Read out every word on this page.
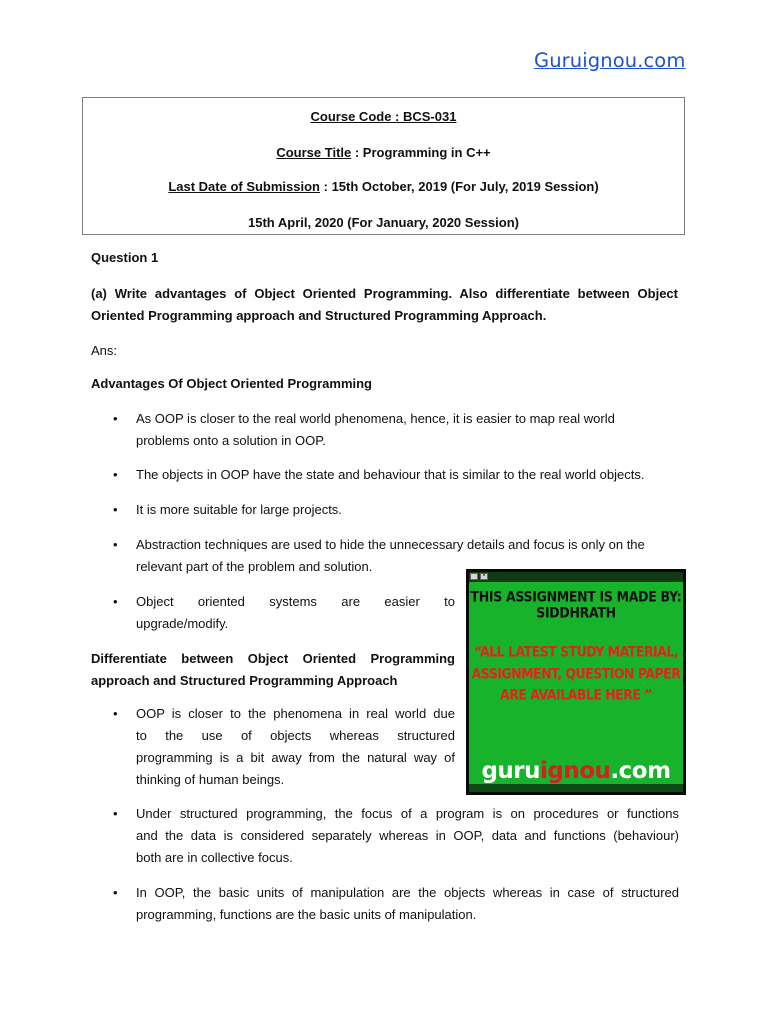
Guruignou.com
Course Code : BCS-031
Course Title : Programming in C++
Last Date of Submission : 15th October, 2019 (For July, 2019 Session)
15th April, 2020 (For January, 2020 Session)
Question 1
(a) Write advantages of Object Oriented Programming. Also differentiate between Object Oriented Programming approach and Structured Programming Approach.
Ans:
Advantages Of Object Oriented Programming
• As OOP is closer to the real world phenomena, hence, it is easier to map real world
problems onto a solution in OOP.
• The objects in OOP have the state and behaviour that is similar to the real world objects.
• It is more suitable for large projects.
• Abstraction techniques are used to hide the unnecessary details and focus is only on the
relevant part of the problem and solution.
• Object oriented systems are easier to
upgrade/modify.
Differentiate between Object Oriented Programming
approach and Structured Programming Approach
• OOP is closer to the phenomena in real world due
to the use of objects whereas structured
programming is a bit away from the natural way of
thinking of human beings.
• Under structured programming, the focus of a program is on procedures or functions
and the data is considered separately whereas in OOP, data and functions (behaviour)
both are in collective focus.
• In OOP, the basic units of manipulation are the objects whereas in case of structured
programming, functions are the basic units of manipulation.
×
THIS ASSIGNMENT IS MADE BY:
SIDDHRATH
“ALL LATEST STUDY MATERIAL,
ASSIGNMENT, QUESTION PAPER
ARE AVAILABLE HERE ”
guruignou.com
